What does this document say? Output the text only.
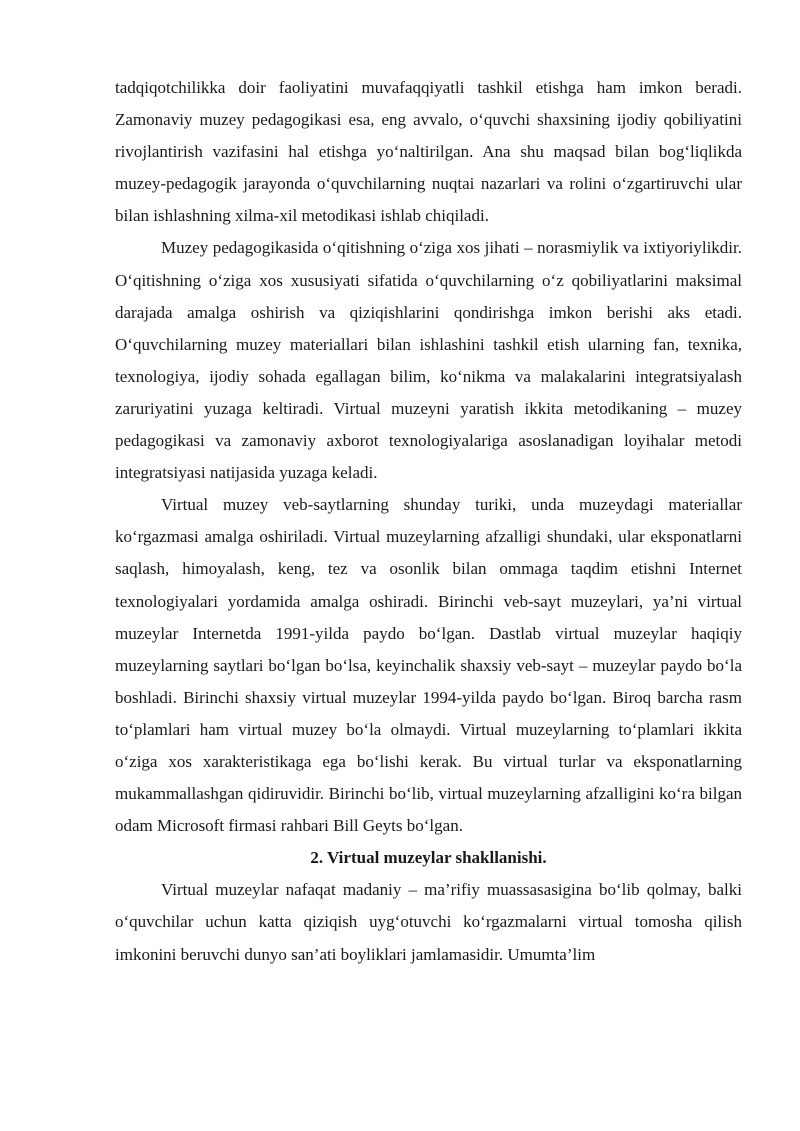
tadqiqotchilikka doir faoliyatini muvafaqqiyatli tashkil etishga ham imkon beradi. Zamonaviy muzey pedagogikasi esa, eng avvalo, o‘quvchi shaxsining ijodiy qobiliyatini rivojlantirish vazifasini hal etishga yo‘naltirilgan. Ana shu maqsad bilan bog‘liqlikda muzey-pedagogik jarayonda o‘quvchilarning nuqtai nazarlari va rolini o‘zgartiruvchi ular bilan ishlashning xilma-xil metodikasi ishlab chiqiladi.

Muzey pedagogikasida o‘qitishning o‘ziga xos jihati – norasmiylik va ixtiyoriylikdir. O‘qitishning o‘ziga xos xususiyati sifatida o‘quvchilarning o‘z qobiliyatlarini maksimal darajada amalga oshirish va qiziqishlarini qondirishga imkon berishi aks etadi. O‘quvchilarning muzey materiallari bilan ishlashini tashkil etish ularning fan, texnika, texnologiya, ijodiy sohada egallagan bilim, ko‘nikma va malakalarini integratsiyalash zaruriyatini yuzaga keltiradi. Virtual muzeyni yaratish ikkita metodikaning – muzey pedagogikasi va zamonaviy axborot texnologiyalariga asoslanadigan loyihalar metodi integratsiyasi natijasida yuzaga keladi.

Virtual muzey veb-saytlarning shunday turiki, unda muzeydagi materiallar ko‘rgazmasi amalga oshiriladi. Virtual muzeylarning afzalligi shundaki, ular eksponatlarni saqlash, himoyalash, keng, tez va osonlik bilan ommaga taqdim etishni Internet texnologiyalari yordamida amalga oshiradi. Birinchi veb-sayt muzeylari, ya’ni virtual muzeylar Internetda 1991-yilda paydo bo‘lgan. Dastlab virtual muzeylar haqiqiy muzeylarning saytlari bo‘lgan bo‘lsa, keyinchalik shaxsiy veb-sayt – muzeylar paydo bo‘la boshladi. Birinchi shaxsiy virtual muzeylar 1994-yilda paydo bo‘lgan. Biroq barcha rasm to‘plamlari ham virtual muzey bo‘la olmaydi. Virtual muzeylarning to‘plamlari ikkita o‘ziga xos xarakteristikaga ega bo‘lishi kerak. Bu virtual turlar va eksponatlarning mukammallashgan qidiruvidir. Birinchi bo‘lib, virtual muzeylarning afzalligini ko‘ra bilgan odam Microsoft firmasi rahbari Bill Geyts bo‘lgan.

2. Virtual muzeylar shakllanishi.

Virtual muzeylar nafaqat madaniy – ma’rifiy muassasasigina bo‘lib qolmay, balki o‘quvchilar uchun katta qiziqish uyg‘otuvchi ko‘rgazmalarni virtual tomosha qilish imkonini beruvchi dunyo san’ati boyliklari jamlamasidir. Umumta’lim
